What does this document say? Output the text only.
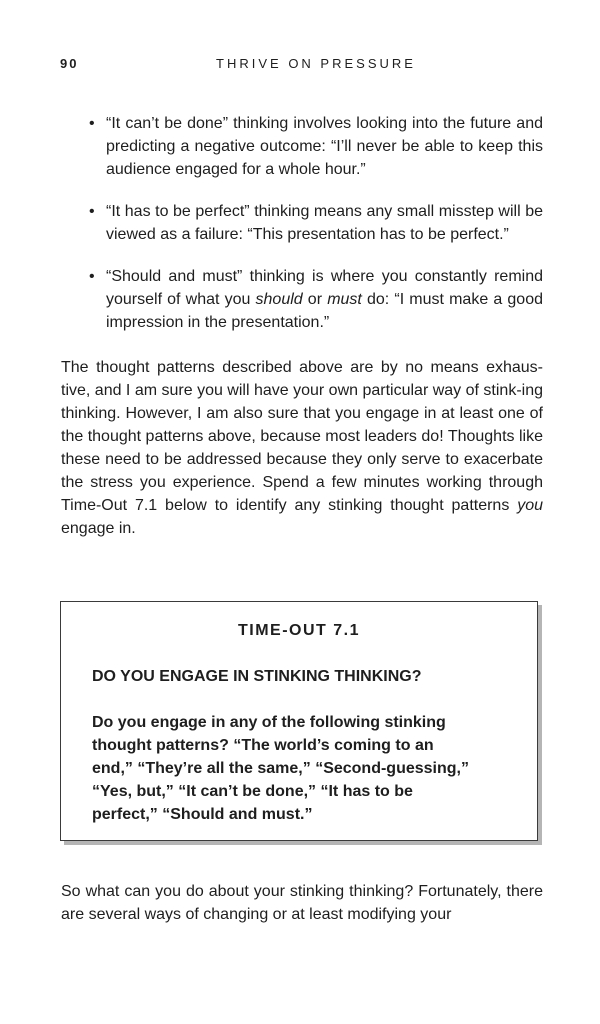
90	THRIVE ON PRESSURE
• “It can’t be done” thinking involves looking into the future and predicting a negative outcome: “I’ll never be able to keep this audience engaged for a whole hour.”
• “It has to be perfect” thinking means any small misstep will be viewed as a failure: “This presentation has to be perfect.”
• “Should and must” thinking is where you constantly remind yourself of what you should or must do: “I must make a good impression in the presentation.”

The thought patterns described above are by no means exhaus-tive, and I am sure you will have your own particular way of stink-ing thinking. However, I am also sure that you engage in at least one of the thought patterns above, because most leaders do! Thoughts like these need to be addressed because they only serve to exacerbate the stress you experience. Spend a few minutes working through Time-Out 7.1 below to identify any stinking thought patterns you engage in.

TIME-OUT 7.1
DO YOU ENGAGE IN STINKING THINKING?
Do you engage in any of the following stinking thought patterns? “The world’s coming to an end,” “They’re all the same,” “Second-guessing,” “Yes, but,” “It can’t be done,” “It has to be perfect,” “Should and must.”

So what can you do about your stinking thinking? Fortunately, there are several ways of changing or at least modifying your
